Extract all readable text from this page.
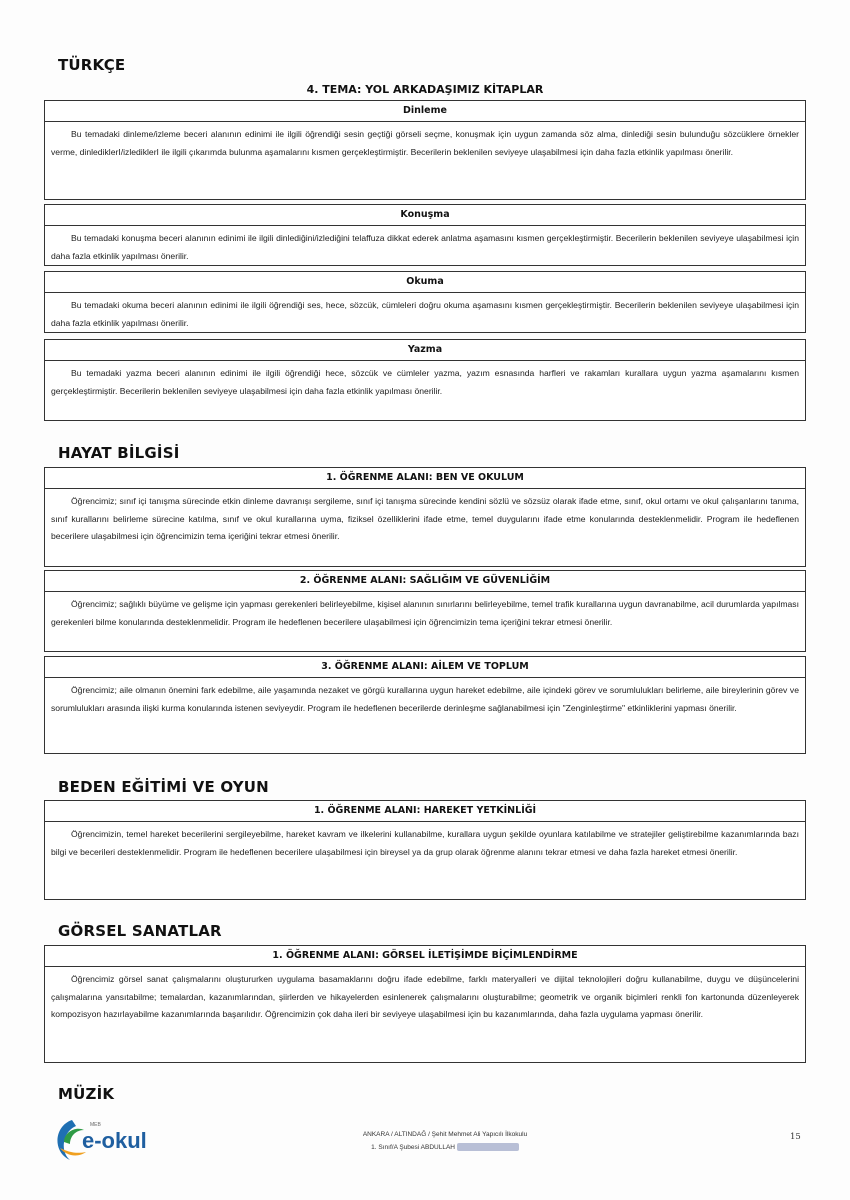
TÜRKÇE
4. TEMA: YOL ARKADAŞIMIZ KİTAPLAR
Dinleme
Bu temadaki dinleme/izleme beceri alanının edinimi ile ilgili öğrendiği sesin geçtiği görseli seçme, konuşmak için uygun zamanda söz alma, dinlediği sesin bulunduğu sözcüklere örnekler verme, dinlediklerI/izlediklerI ile ilgili çıkarımda bulunma aşamalarını kısmen gerçekleştirmiştir. Becerilerin beklenilen seviyeye ulaşabilmesi için daha fazla etkinlik yapılması önerilir.
Konuşma
Bu temadaki konuşma beceri alanının edinimi ile ilgili dinlediğini/izlediğini telaffuza dikkat ederek anlatma aşamasını kısmen gerçekleştirmiştir. Becerilerin beklenilen seviyeye ulaşabilmesi için daha fazla etkinlik yapılması önerilir.
Okuma
Bu temadaki okuma beceri alanının edinimi ile ilgili öğrendiği ses, hece, sözcük, cümleleri doğru okuma aşamasını kısmen gerçekleştirmiştir. Becerilerin beklenilen seviyeye ulaşabilmesi için daha fazla etkinlik yapılması önerilir.
Yazma
Bu temadaki yazma beceri alanının edinimi ile ilgili öğrendiği hece, sözcük ve cümleler yazma, yazım esnasında harfleri ve rakamları kurallara uygun yazma aşamalarını kısmen gerçekleştirmiştir. Becerilerin beklenilen seviyeye ulaşabilmesi için daha fazla etkinlik yapılması önerilir.
HAYAT BİLGİSİ
1. ÖĞRENME ALANI: BEN VE OKULUM
Öğrencimiz; sınıf içi tanışma sürecinde etkin dinleme davranışı sergileme, sınıf içi tanışma sürecinde kendini sözlü ve sözsüz olarak ifade etme, sınıf, okul ortamı ve okul çalışanlarını tanıma, sınıf kurallarını belirleme sürecine katılma, sınıf ve okul kurallarına uyma, fiziksel özelliklerini ifade etme, temel duygularını ifade etme konularında desteklenmelidir. Program ile hedeflenen becerilere ulaşabilmesi için öğrencimizin tema içeriğini tekrar etmesi önerilir.
2. ÖĞRENME ALANI: SAĞLIĞIM VE GÜVENLİĞİM
Öğrencimiz; sağlıklı büyüme ve gelişme için yapması gerekenleri belirleyebilme, kişisel alanının sınırlarını belirleyebilme, temel trafik kurallarına uygun davranabilme, acil durumlarda yapılması gerekenleri bilme konularında desteklenmelidir. Program ile hedeflenen becerilere ulaşabilmesi için öğrencimizin tema içeriğini tekrar etmesi önerilir.
3. ÖĞRENME ALANI: AİLEM VE TOPLUM
Öğrencimiz; aile olmanın önemini fark edebilme, aile yaşamında nezaket ve görgü kurallarına uygun hareket edebilme, aile içindeki görev ve sorumlulukları belirleme, aile bireylerinin görev ve sorumlulukları arasında ilişki kurma konularında istenen seviyeydir. Program ile hedeflenen becerilerde derinleşme sağlanabilmesi için "Zenginleştirme" etkinliklerini yapması önerilir.
BEDEN EĞİTİMİ VE OYUN
1. ÖĞRENME ALANI: HAREKET YETKİNLİĞİ
Öğrencimizin, temel hareket becerilerini sergileyebilme, hareket kavram ve ilkelerini kullanabilme, kurallara uygun şekilde oyunlara katılabilme ve stratejiler geliştirebilme kazanımlarında bazı bilgi ve becerileri desteklenmelidir. Program ile hedeflenen becerilere ulaşabilmesi için bireysel ya da grup olarak öğrenme alanını tekrar etmesi ve daha fazla hareket etmesi önerilir.
GÖRSEL SANATLAR
1. ÖĞRENME ALANI: GÖRSEL İLETİŞİMDE BİÇİMLENDİRME
Öğrencimiz görsel sanat çalışmalarını oluştururken uygulama basamaklarını doğru ifade edebilme, farklı materyalleri ve dijital teknolojileri doğru kullanabilme, duygu ve düşüncelerini çalışmalarına yansıtabilme; temalardan, kazanımlarından, şiirlerden ve hikayelerden esinlenerek çalışmalarını oluşturabilme; geometrik ve organik biçimleri renkli fon kartonunda düzenleyerek kompozisyon hazırlayabilme kazanımlarında başarılıdır. Öğrencimizin çok daha ileri bir seviyeye ulaşabilmesi için bu kazanımlarında, daha fazla uygulama yapması önerilir.
MÜZİK
MEB
e-okul	ANKARA / ALTINDAĞ / Şehit Mehmet Ali Yapıcılı İlkokulu
1. Sınıf/A Şubesi ABDULLAH
15
